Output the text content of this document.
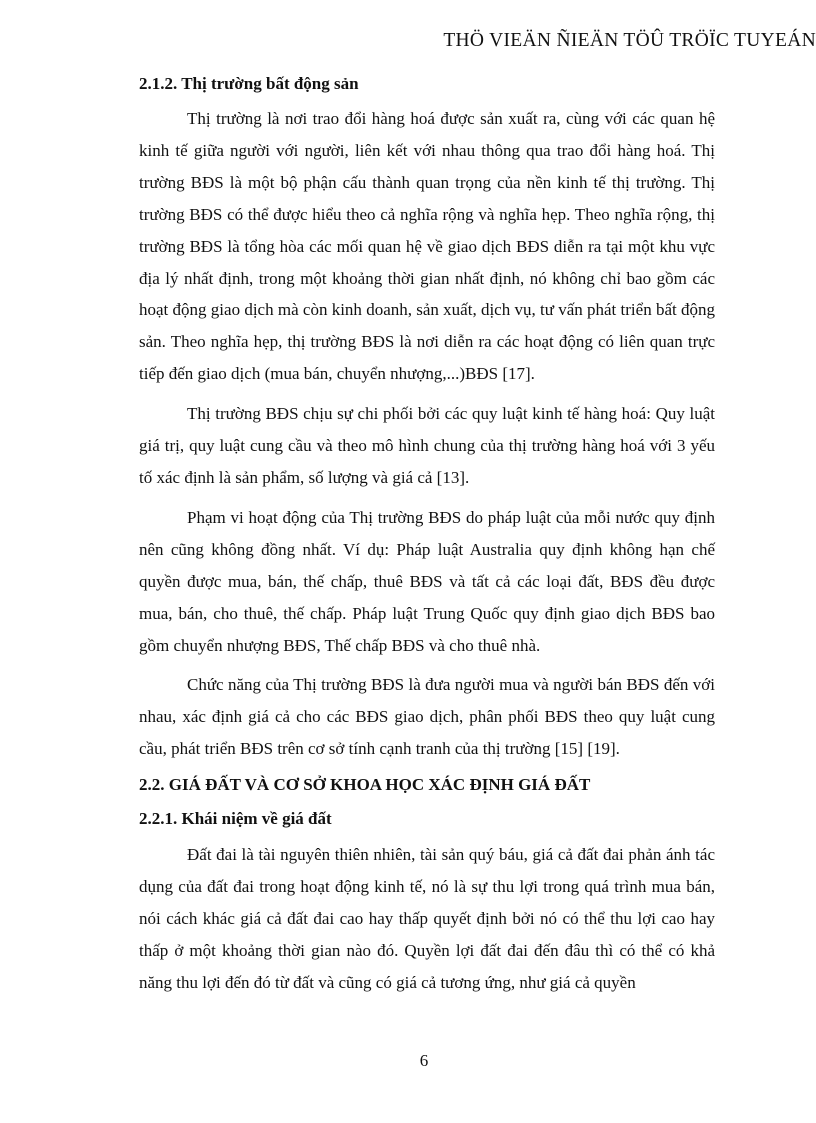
THÖ VIEÄN ÑIEÄN TÖÛ TRÖÏC TUYEÁN

2.1.2. Thị trường bất động sản

Thị trường là nơi trao đổi hàng hoá được sản xuất ra, cùng với các quan hệ kinh tế giữa người với người, liên kết với nhau thông qua trao đổi hàng hoá. Thị trường BĐS là một bộ phận cấu thành quan trọng của nền kinh tế thị trường. Thị trường BĐS có thể được hiểu theo cả nghĩa rộng và nghĩa hẹp. Theo nghĩa rộng, thị trường BĐS là tổng hòa các mối quan hệ về giao dịch BĐS diễn ra tại một khu vực địa lý nhất định, trong một khoảng thời gian nhất định, nó không chỉ bao gồm các hoạt động giao dịch mà còn kinh doanh, sản xuất, dịch vụ, tư vấn phát triển bất động sản. Theo nghĩa hẹp, thị trường BĐS là nơi diễn ra các hoạt động có liên quan trực tiếp đến giao dịch (mua bán, chuyển nhượng,...)BĐS [17].

Thị trường BĐS chịu sự chi phối bởi các quy luật kinh tế hàng hoá: Quy luật giá trị, quy luật cung cầu và theo mô hình chung của thị trường hàng hoá với 3 yếu tố xác định là sản phẩm, số lượng và giá cả [13].

Phạm vi hoạt động của Thị trường BĐS do pháp luật của mỗi nước quy định nên cũng không đồng nhất. Ví dụ: Pháp luật Australia quy định không hạn chế quyền được mua, bán, thế chấp, thuê BĐS và tất cả các loại đất, BĐS đều được mua, bán, cho thuê, thế chấp. Pháp luật Trung Quốc quy định giao dịch BĐS bao gồm chuyển nhượng BĐS, Thế chấp BĐS và cho thuê nhà.

Chức năng của Thị trường BĐS là đưa người mua và người bán BĐS đến với nhau, xác định giá cả cho các BĐS giao dịch, phân phối BĐS theo quy luật cung cầu, phát triển BĐS trên cơ sở tính cạnh tranh của thị trường [15] [19].

2.2. GIÁ ĐẤT VÀ CƠ SỞ KHOA HỌC XÁC ĐỊNH GIÁ ĐẤT

2.2.1. Khái niệm về giá đất

Đất đai là tài nguyên thiên nhiên, tài sản quý báu, giá cả đất đai phản ánh tác dụng của đất đai trong hoạt động kinh tế, nó là sự thu lợi trong quá trình mua bán, nói cách khác giá cả đất đai cao hay thấp quyết định bởi nó có thể thu lợi cao hay thấp ở một khoảng thời gian nào đó. Quyền lợi đất đai đến đâu thì có thể có khả năng thu lợi đến đó từ đất và cũng có giá cả tương ứng, như giá cả quyền

6
